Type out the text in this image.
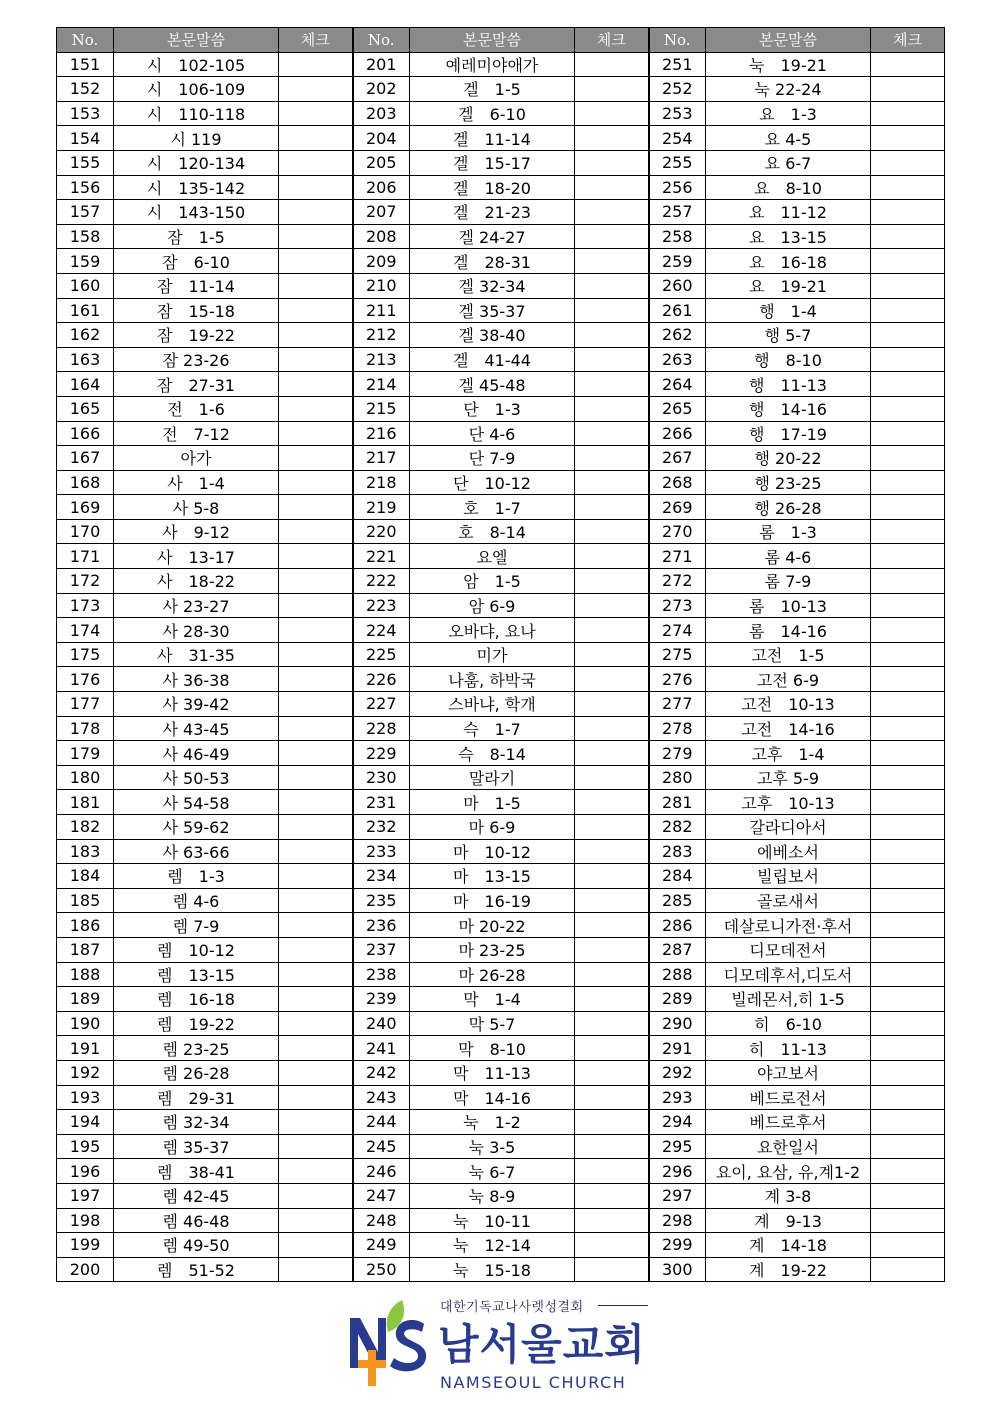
No.	본문말씀	체크	No.	본문말씀	체크	No.	본문말씀	체크
151	시　102-105		201	예레미야애가		251	눅　19-21	
152	시　106-109		202	겔　1-5		252	눅 22-24	
153	시　110-118		203	겔　6-10		253	요　1-3	
154	시 119		204	겔　11-14		254	요 4-5	
155	시　120-134		205	겔　15-17		255	요 6-7	
156	시　135-142		206	겔　18-20		256	요　8-10	
157	시　143-150		207	겔　21-23		257	요　11-12	
158	잠　1-5		208	겔 24-27		258	요　13-15	
159	잠　6-10		209	겔　28-31		259	요　16-18	
160	잠　11-14		210	겔 32-34		260	요　19-21	
161	잠　15-18		211	겔 35-37		261	행　1-4	
162	잠　19-22		212	겔 38-40		262	행 5-7	
163	잠 23-26		213	겔　41-44		263	행　8-10	
164	잠　27-31		214	겔 45-48		264	행　11-13	
165	전　1-6		215	단　1-3		265	행　14-16	
166	전　7-12		216	단 4-6		266	행　17-19	
167	아가		217	단 7-9		267	행 20-22	
168	사　1-4		218	단　10-12		268	행 23-25	
169	사 5-8		219	호　1-7		269	행 26-28	
170	사　9-12		220	호　8-14		270	롬　1-3	
171	사　13-17		221	요엘		271	롬 4-6	
172	사　18-22		222	암　1-5		272	롬 7-9	
173	사 23-27		223	암 6-9		273	롬　10-13	
174	사 28-30		224	오바댜, 요나		274	롬　14-16	
175	사　31-35		225	미가		275	고전　1-5	
176	사 36-38		226	나훔, 하박국		276	고전 6-9	
177	사 39-42		227	스바냐, 학개		277	고전　10-13	
178	사 43-45		228	슥　1-7		278	고전　14-16	
179	사 46-49		229	슥　8-14		279	고후　1-4	
180	사 50-53		230	말라기		280	고후 5-9	
181	사 54-58		231	마　1-5		281	고후　10-13	
182	사 59-62		232	마 6-9		282	갈라디아서	
183	사 63-66		233	마　10-12		283	에베소서	
184	렘　1-3		234	마　13-15		284	빌립보서	
185	렘 4-6		235	마　16-19		285	골로새서	
186	렘 7-9		236	마 20-22		286	데살로니가전·후서	
187	렘　10-12		237	마 23-25		287	디모데전서	
188	렘　13-15		238	마 26-28		288	디모데후서,디도서	
189	렘　16-18		239	막　1-4		289	빌레몬서,히 1-5	
190	렘　19-22		240	막 5-7		290	히　6-10	
191	렘 23-25		241	막　8-10		291	히　11-13	
192	렘 26-28		242	막　11-13		292	야고보서	
193	렘　29-31		243	막　14-16		293	베드로전서	
194	렘 32-34		244	눅　1-2		294	베드로후서	
195	렘 35-37		245	눅 3-5		295	요한일서	
196	렘　38-41		246	눅 6-7		296	요이, 요삼, 유,계1-2	
197	렘 42-45		247	눅 8-9		297	계 3-8	
198	렘 46-48		248	눅　10-11		298	계　9-13	
199	렘 49-50		249	눅　12-14		299	계　14-18	
200	렘　51-52		250	눅　15-18		300	계　19-22	
대한기독교나사렛성결회
남서울교회
NAMSEOUL CHURCH
